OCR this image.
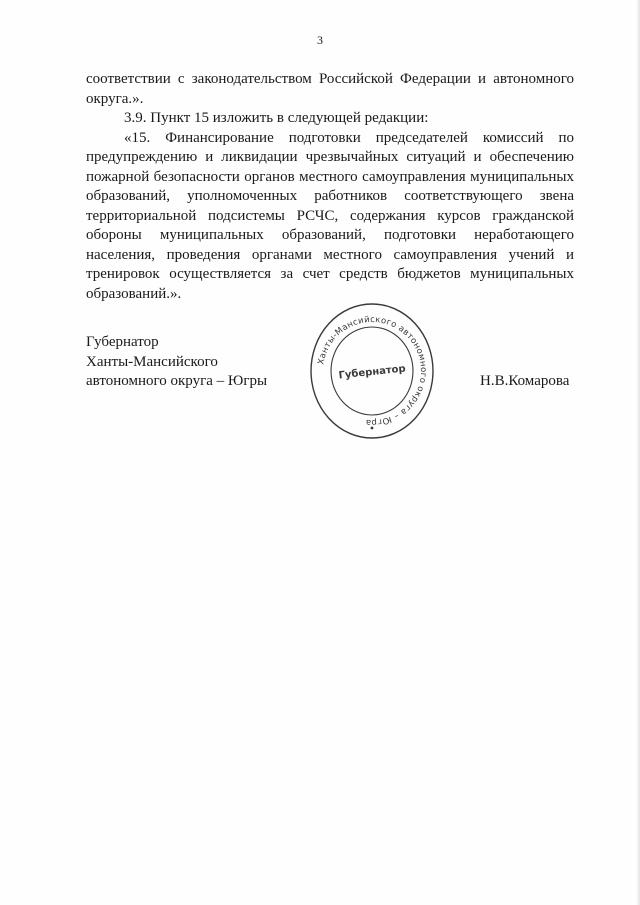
3

соответствии с законодательством Российской Федерации и автономного
округа.».

3.9. Пункт 15 изложить в следующей редакции:

«15. Финансирование подготовки председателей комиссий по
предупреждению и ликвидации чрезвычайных ситуаций и обеспечению
пожарной безопасности органов местного самоуправления муниципальных
образований, уполномоченных работников соответствующего звена
территориальной подсистемы РСЧС, содержания курсов гражданской
обороны муниципальных образований, подготовки неработающего
населения, проведения органами местного самоуправления учений и
тренировок осуществляется за счет средств бюджетов муниципальных
образований.».

Губернатор
Ханты-Мансийского
автономного округа – Югры
Ханты-Мансийского автономного округа – Югра
Губернатор	Н.В.Комарова
